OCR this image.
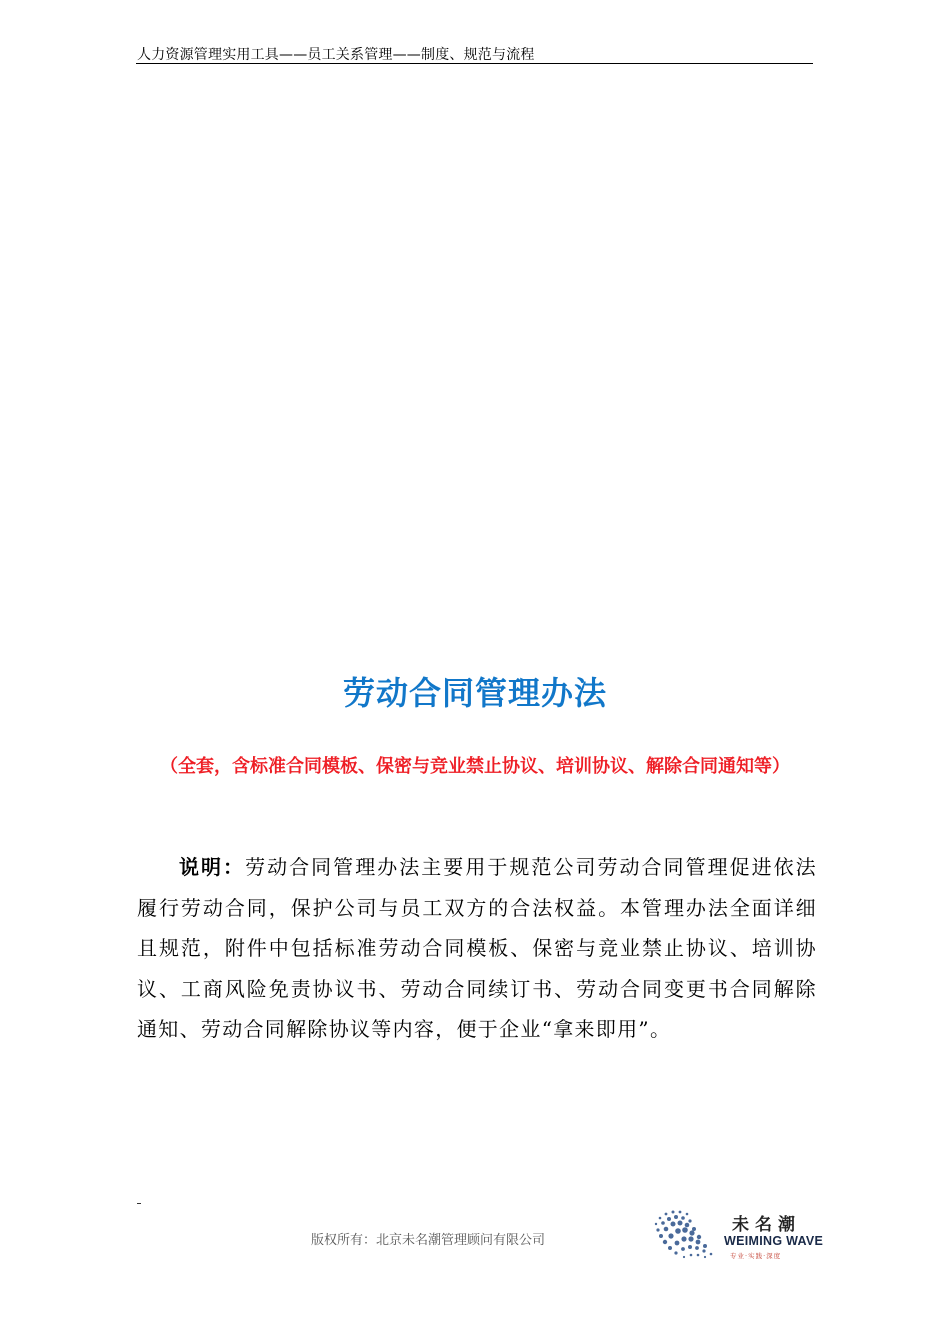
人力资源管理实用工具——员工关系管理——制度、规范与流程
劳动合同管理办法
（全套，含标准合同模板、保密与竞业禁止协议、培训协议、解除合同通知等）
说明：劳动合同管理办法主要用于规范公司劳动合同管理促进依法履行劳动合同，保护公司与员工双方的合法权益。本管理办法全面详细且规范，附件中包括标准劳动合同模板、保密与竞业禁止协议、培训协议、工商风险免责协议书、劳动合同续订书、劳动合同变更书合同解除通知、劳动合同解除协议等内容，便于企业“拿来即用”。
版权所有：北京未名潮管理顾问有限公司
未名潮
WEIMING WAVE
专业·实践·深度
